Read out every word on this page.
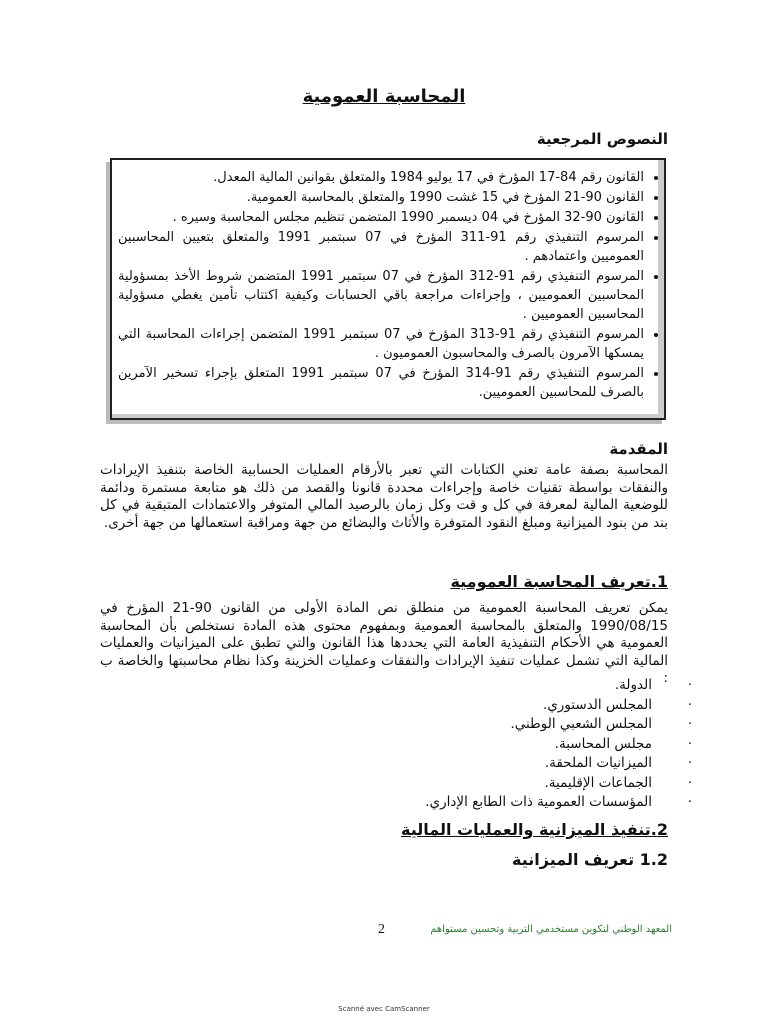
المحاسبة العمومية
النصوص المرجعية
• القانون رقم 84-17 المؤرخ في 17 يوليو 1984 والمتعلق بقوانين المالية المعدل.
• القانون 90-21 المؤرخ في 15 غشت 1990 والمتعلق بالمحاسبة العمومية.
• القانون 90-32 المؤرخ في 04 ديسمبر 1990 المتضمن تنظيم مجلس المحاسبة وسيره .
• المرسوم التنفيذي رقم 91-311 المؤرخ في 07 سبتمبر 1991 والمتعلق بتعيين المحاسبين العموميين واعتمادهم .
• المرسوم التنفيذي رقم 91-312 المؤرخ في 07 سبتمبر 1991 المتضمن شروط الأخذ بمسؤولية المحاسبين العموميين ، وإجراءات مراجعة باقي الحسابات وكيفية اكتتاب تأمين يغطي مسؤولية المحاسبين العموميين .
• المرسوم التنفيذي رقم 91-313 المؤرخ في 07 سبتمبر 1991 المتضمن إجراءات المحاسبة التي يمسكها الآمرون بالصرف والمحاسبون العموميون .
• المرسوم التنفيذي رقم 91-314 المؤرخ في 07 سبتمبر 1991 المتعلق بإجراء تسخير الآمرين بالصرف للمحاسبين العموميين.
المقدمة
المحاسبة بصفة عامة تعني الكتابات التي تعبر بالأرقام العمليات الحسابية الخاصة بتنفيذ الإيرادات والنفقات بواسطة تقنيات خاصة وإجراءات محددة قانونا والقصد من ذلك هو متابعة مستمرة ودائمة للوضعية المالية لمعرفة في كل و قت وكل زمان بالرصيد المالي المتوفر والاعتمادات المتبقية في كل بند من بنود الميزانية ومبلغ النقود المتوفرة والأثاث والبضائع من جهة ومراقبة استعمالها من جهة أخرى.
1.تعريف المحاسبة العمومية
يمكن تعريف المحاسبة العمومية من منطلق نص المادة الأولى من القانون 90-21 المؤرخ في 1990/08/15 والمتعلق بالمحاسبة العمومية وبمفهوم محتوى هذه المادة نستخلص بأن المحاسبة العمومية هي الأحكام التنفيذية العامة التي يحددها هذا القانون والتي تطبق على الميزانيات والعمليات المالية التي تشمل عمليات تنفيذ الإيرادات والنفقات وعمليات الخزينة وكذا نظام محاسبتها والخاصة ب :
· الدولة.
· المجلس الدستوري.
· المجلس الشعبي الوطني.
· مجلس المحاسبة.
· الميزانيات الملحقة.
· الجماعات الإقليمية.
· المؤسسات العمومية ذات الطابع الإداري.
2.تنفيذ الميزانية والعمليات المالية
1.2 تعريف الميزانية
2	المعهد الوطني لتكوين مستخدمي التربية وتحسين مستواهم
Scanné avec CamScanner
